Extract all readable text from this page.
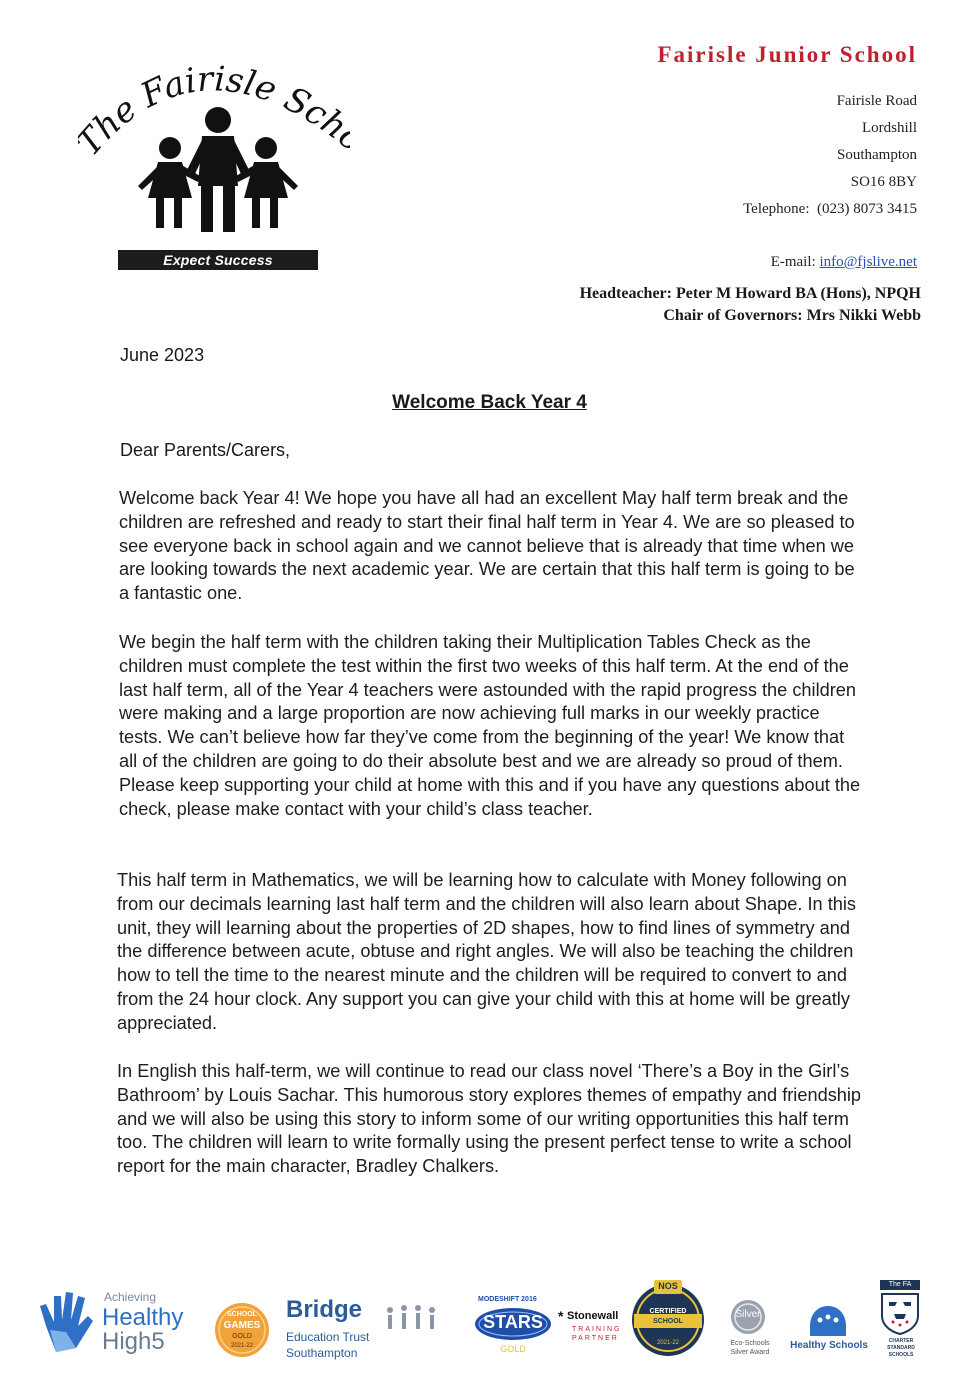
he Fairisle Sc
Expect Success
Fairisle Junior School
Fairisle Road
Lordshill
Southampton
SO16 8BY
Telephone: (023) 8073 3415
E-mail: info@fjslive.net
Headteacher: Peter M Howard BA (Hons), NPQH
Chair of Governors: Mrs Nikki Webb
June 2023
Welcome Back Year 4
Dear Parents/Carers,
Welcome back Year 4! We hope you have all had an excellent May half term break and the children are refreshed and ready to start their final half term in Year 4. We are so pleased to see everyone back in school again and we cannot believe that is already that time when we are looking towards the next academic year. We are certain that this half term is going to be a fantastic one.
We begin the half term with the children taking their Multiplication Tables Check as the children must complete the test within the first two weeks of this half term. At the end of the last half term, all of the Year 4 teachers were astounded with the rapid progress the children were making and a large proportion are now achieving full marks in our weekly practice tests. We can’t believe how far they’ve come from the beginning of the year! We know that all of the children are going to do their absolute best and we are already so proud of them. Please keep supporting your child at home with this and if you have any questions about the check, please make contact with your child’s class teacher.
This half term in Mathematics, we will be learning how to calculate with Money following on from our decimals learning last half term and the children will also learn about Shape. In this unit, they will learning about the properties of 2D shapes, how to find lines of symmetry and the difference between acute, obtuse and right angles. We will also be teaching the children how to tell the time to the nearest minute and the children will be required to convert to and from the 24 hour clock. Any support you can give your child with this at home will be greatly appreciated.
In English this half-term, we will continue to read our class novel ‘There’s a Boy in the Girl’s Bathroom’ by Louis Sachar. This humorous story explores themes of empathy and friendship and we will also be using this story to inform some of our writing opportunities this half term too. The children will learn to write formally using the present perfect tense to write a school report for the main character, Bradley Chalkers.
Achieving
Healthy
High5
SCHOOL
GAMES
GOLD
2021-22
Bridge
Education Trust
Southampton
MODESHIFT 2016
STARS
GOLD
* Stonewall
TRAINING
PARTNER
NOS
CERTIFIED
SCHOOL
2021-22
Silver
Eco-Schools
Silver Award
Healthy Schools
The FA
CHARTER
STANDARD
SCHOOLS
